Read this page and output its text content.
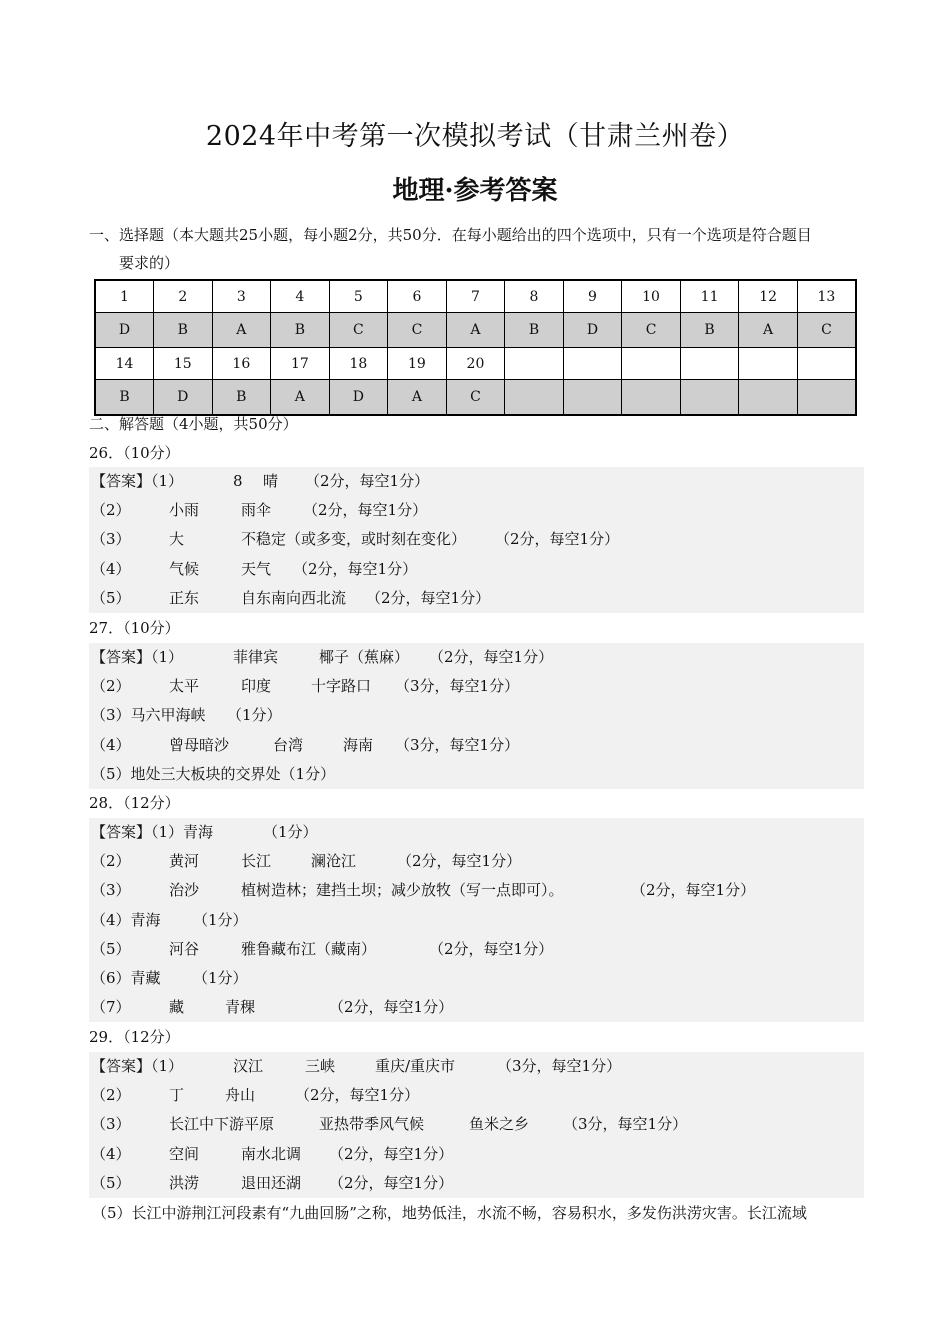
2024年中考第一次模拟考试（甘肃兰州卷）
地理·参考答案
一、选择题（本大题共25小题，每小题2分，共50分．在每小题给出的四个选项中，只有一个选项是符合题目
要求的）
1	2	3	4	5	6	7	8	9	10	11	12	13
D	B	A	B	C	C	A	B	D	C	B	A	C
14	15	16	17	18	19	20						
B	D	B	A	D	A	C						
二、解答题（4小题，共50分）
26．（10分）
【答案】（1）	8	晴	（2分，每空1分）
（2）	小雨	雨伞	（2分，每空1分）
（3）	大	不稳定（或多变，或时刻在变化）	（2分，每空1分）
（4）	气候	天气	（2分，每空1分）
（5）	正东	自东南向西北流	（2分，每空1分）
27．（10分）
【答案】（1）	菲律宾	椰子（蕉麻）	（2分，每空1分）
（2）	太平	印度	十字路口	（3分，每空1分）
（3）马六甲海峡	（1分）
（4）	曾母暗沙	台湾	海南	（3分，每空1分）
（5）地处三大板块的交界处（1分）
28．（12分）
【答案】（1）青海	（1分）
（2）	黄河	长江	澜沧江	（2分，每空1分）
（3）	治沙	植树造林；建挡土坝；减少放牧（写一点即可）。	（2分，每空1分）
（4）青海	（1分）
（5）	河谷	雅鲁藏布江（藏南）	（2分，每空1分）
（6）青藏	（1分）
（7）	藏	青稞	（2分，每空1分）
29．（12分）
【答案】（1）	汉江	三峡	重庆/重庆市	（3分，每空1分）
（2）	丁	舟山	（2分，每空1分）
（3）	长江中下游平原	亚热带季风气候	鱼米之乡	（3分，每空1分）
（4）	空间	南水北调	（2分，每空1分）
（5）	洪涝	退田还湖	（2分，每空1分）
（5）长江中游荆江河段素有“九曲回肠”之称，地势低洼，水流不畅，容易积水，多发伤洪涝灾害。长江流域
